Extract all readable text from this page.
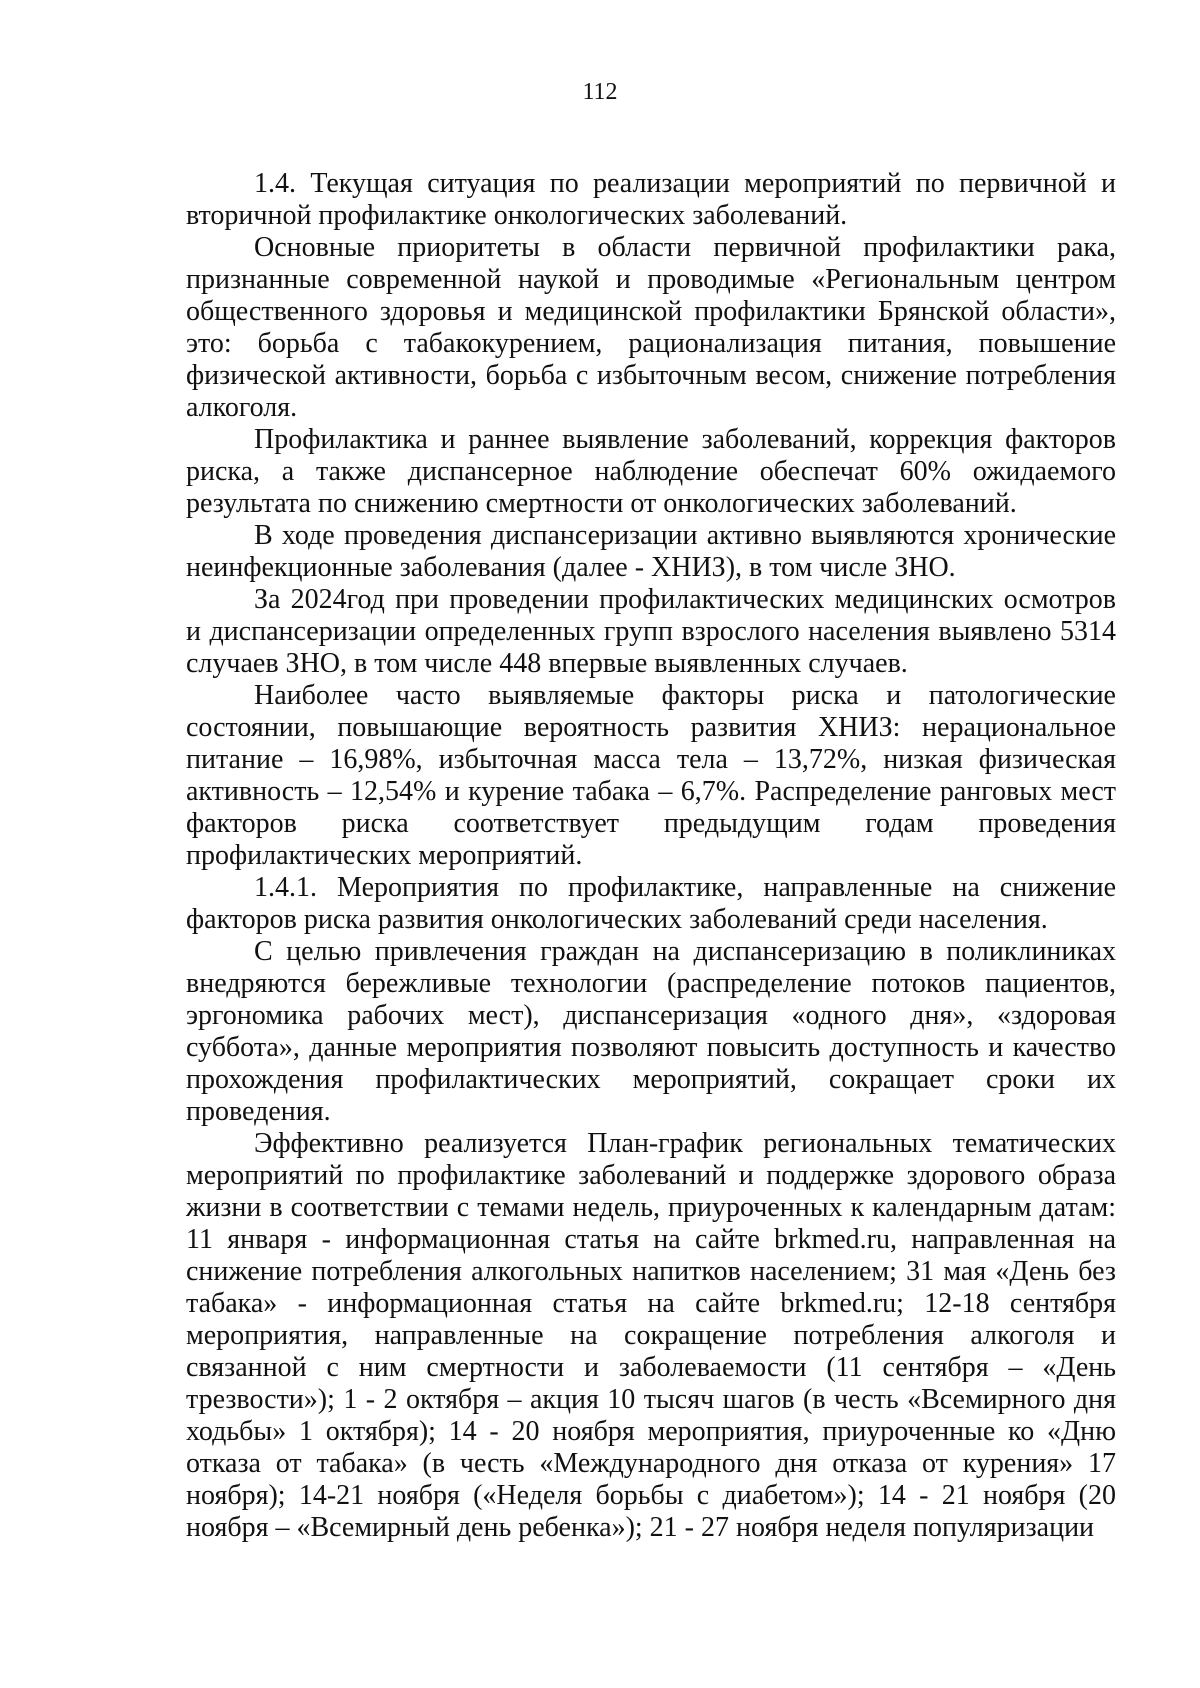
112

1.4. Текущая ситуация по реализации мероприятий по первичной и вторичной профилактике онкологических заболеваний.

Основные приоритеты в области первичной профилактики рака, признанные современной наукой и проводимые «Региональным центром общественного здоровья и медицинской профилактики Брянской области», это: борьба с табакокурением, рационализация питания, повышение физической активности, борьба с избыточным весом, снижение потребления алкоголя.

Профилактика и раннее выявление заболеваний, коррекция факторов риска, а также диспансерное наблюдение обеспечат 60% ожидаемого результата по снижению смертности от онкологических заболеваний.

В ходе проведения диспансеризации активно выявляются хронические неинфекционные заболевания (далее - ХНИЗ), в том числе ЗНО.

За 2024год при проведении профилактических медицинских осмотров и диспансеризации определенных групп взрослого населения выявлено 5314 случаев ЗНО, в том числе 448 впервые выявленных случаев.

Наиболее часто выявляемые факторы риска и патологические состоянии, повышающие вероятность развития ХНИЗ: нерациональное питание – 16,98%, избыточная масса тела – 13,72%, низкая физическая активность – 12,54% и курение табака – 6,7%. Распределение ранговых мест факторов риска соответствует предыдущим годам проведения профилактических мероприятий.

1.4.1. Мероприятия по профилактике, направленные на снижение факторов риска развития онкологических заболеваний среди населения.

С целью привлечения граждан на диспансеризацию в поликлиниках внедряются бережливые технологии (распределение потоков пациентов, эргономика рабочих мест), диспансеризация «одного дня», «здоровая суббота», данные мероприятия позволяют повысить доступность и качество прохождения профилактических мероприятий, сокращает сроки их проведения.

Эффективно реализуется План-график региональных тематических мероприятий по профилактике заболеваний и поддержке здорового образа жизни в соответствии с темами недель, приуроченных к календарным датам: 11 января - информационная статья на сайте brkmed.ru, направленная на снижение потребления алкогольных напитков населением; 31 мая «День без табака» - информационная статья на сайте brkmed.ru; 12-18 сентября мероприятия, направленные на сокращение потребления алкоголя и связанной с ним смертности и заболеваемости (11 сентября – «День трезвости»); 1 - 2 октября – акция 10 тысяч шагов (в честь «Всемирного дня ходьбы» 1 октября); 14 - 20 ноября мероприятия, приуроченные ко «Дню отказа от табака» (в честь «Международного дня отказа от курения» 17 ноября); 14-21 ноября («Неделя борьбы с диабетом»); 14 - 21 ноября (20 ноября – «Всемирный день ребенка»); 21 - 27 ноября неделя популяризации
